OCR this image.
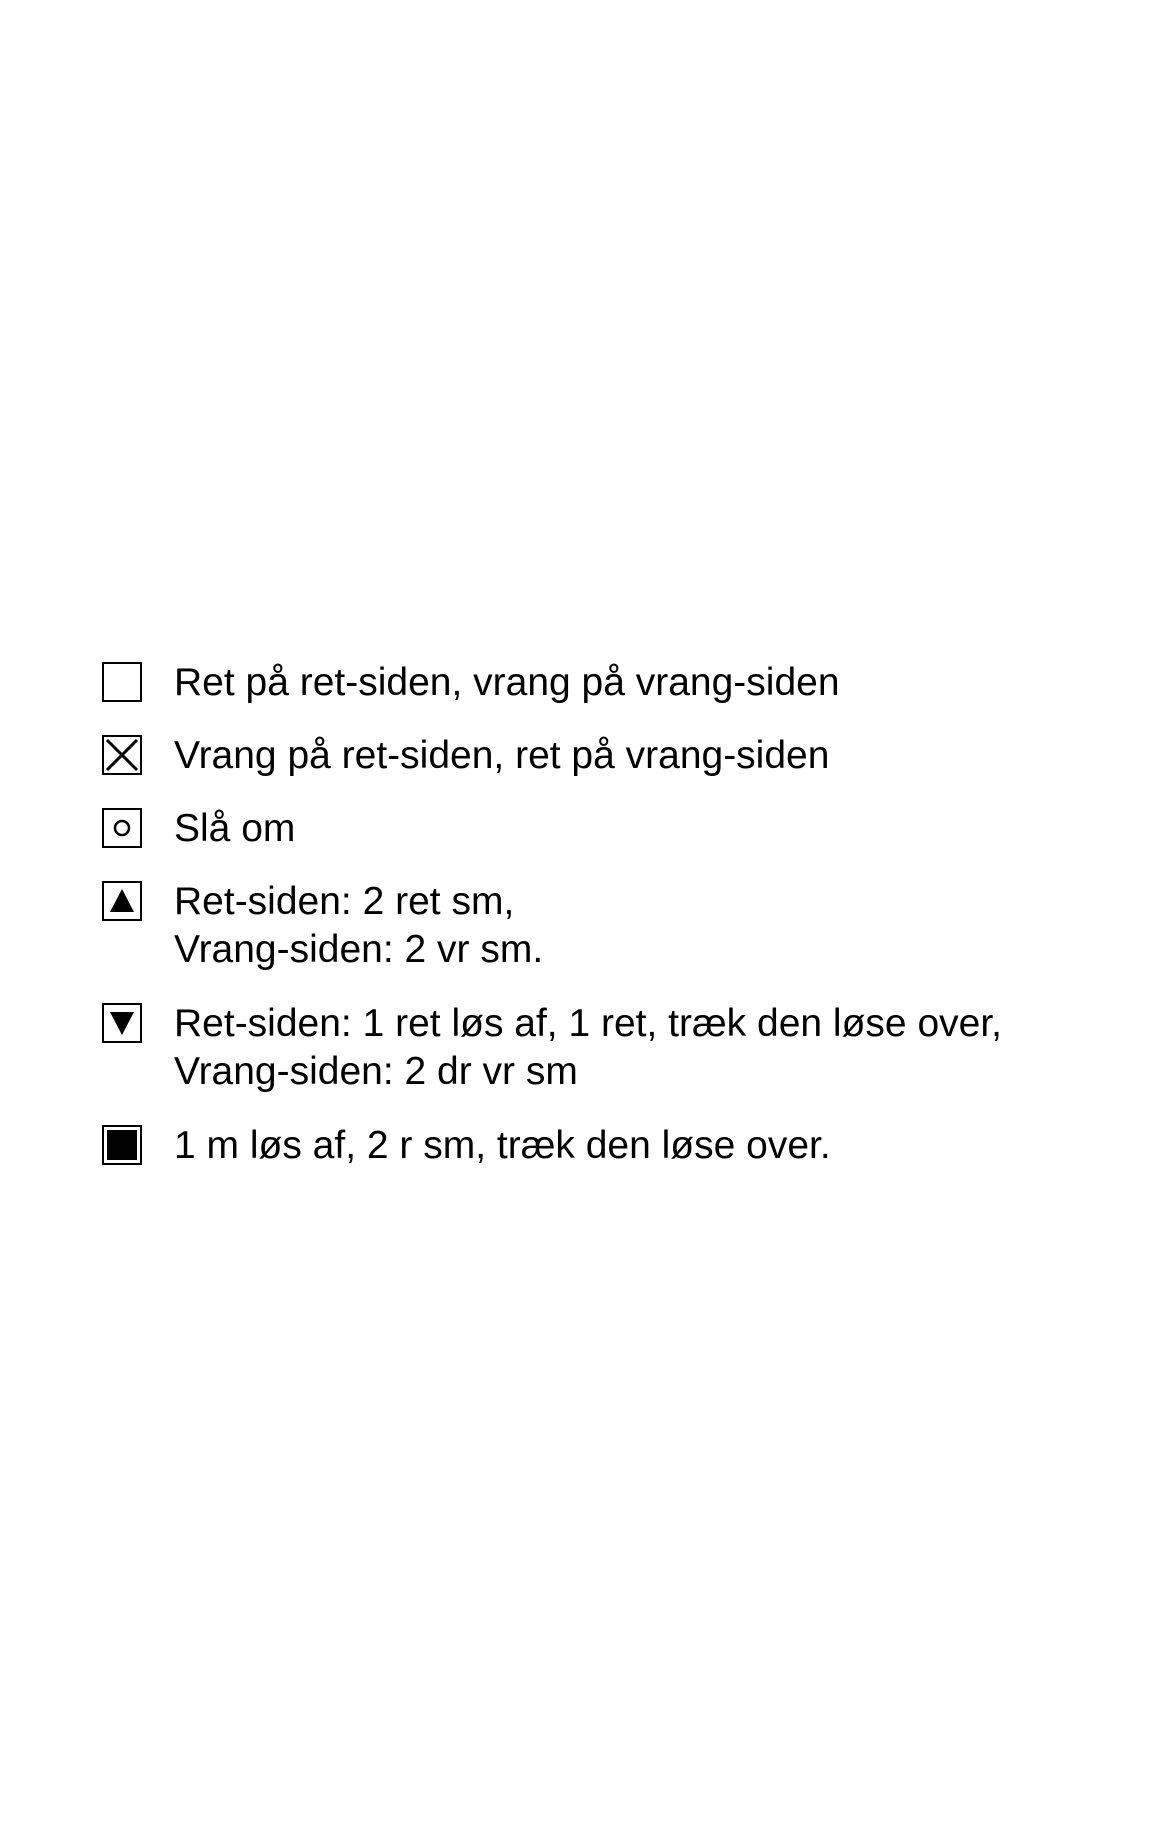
Ret på ret-siden, vrang på vrang-siden
Vrang på ret-siden, ret på vrang-siden
Slå om
Ret-siden: 2 ret sm,
Vrang-siden: 2 vr sm.
Ret-siden: 1 ret løs af, 1 ret, træk den løse over,
Vrang-siden: 2 dr vr sm
1 m løs af, 2 r sm, træk den løse over.
